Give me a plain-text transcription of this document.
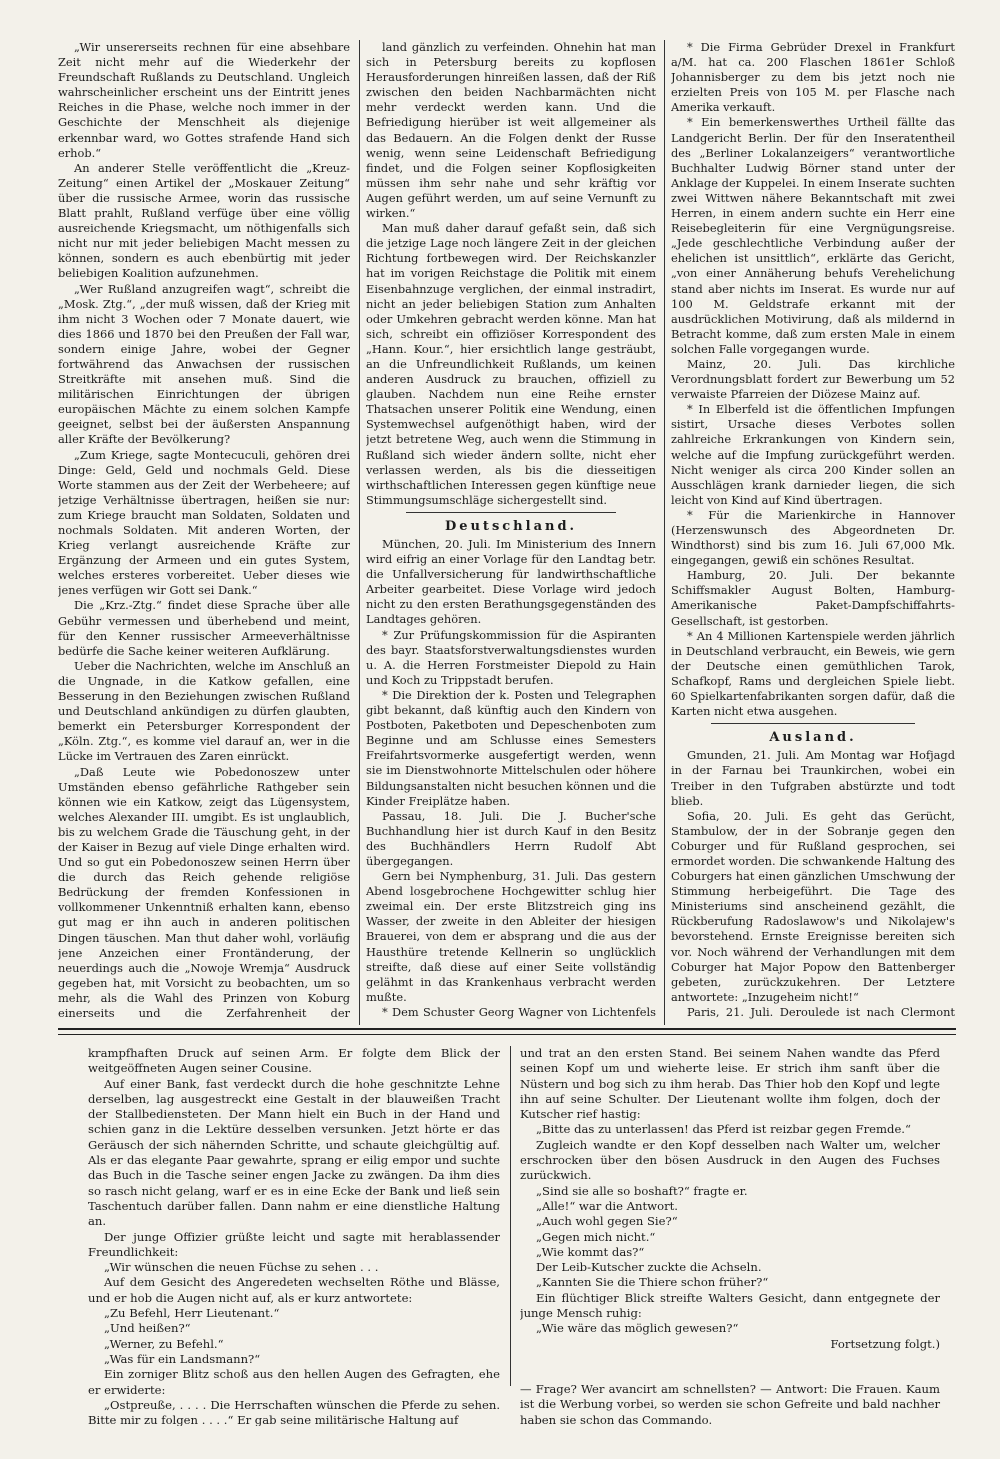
„Wir unsererseits rechnen für eine absehbare Zeit nicht mehr auf die Wiederkehr der Freundschaft Rußlands zu Deutschland. Ungleich wahrscheinlicher erscheint uns der Eintritt jenes Reiches in die Phase, welche noch immer in der Geschichte der Menschheit als diejenige erkennbar ward, wo Gottes strafende Hand sich erhob.“

An anderer Stelle veröffentlicht die „Kreuz-Zeitung“ einen Artikel der „Moskauer Zeitung“ über die russische Armee, worin das russische Blatt prahlt, Rußland verfüge über eine völlig ausreichende Kriegsmacht, um nöthigenfalls sich nicht nur mit jeder beliebigen Macht messen zu können, sondern es auch ebenbürtig mit jeder beliebigen Koalition aufzunehmen.

„Wer Rußland anzugreifen wagt“, schreibt die „Mosk. Ztg.“, „der muß wissen, daß der Krieg mit ihm nicht 3 Wochen oder 7 Monate dauert, wie dies 1866 und 1870 bei den Preußen der Fall war, sondern einige Jahre, wobei der Gegner fortwährend das Anwachsen der russischen Streitkräfte mit ansehen muß. Sind die militärischen Einrichtungen der übrigen europäischen Mächte zu einem solchen Kampfe geeignet, selbst bei der äußersten Anspannung aller Kräfte der Bevölkerung?

„Zum Kriege, sagte Montecuculi, gehören drei Dinge: Geld, Geld und nochmals Geld. Diese Worte stammen aus der Zeit der Werbeheere; auf jetzige Verhältnisse übertragen, heißen sie nur: zum Kriege braucht man Soldaten, Soldaten und nochmals Soldaten. Mit anderen Worten, der Krieg verlangt ausreichende Kräfte zur Ergänzung der Armeen und ein gutes System, welches ersteres vorbereitet. Ueber dieses wie jenes verfügen wir Gott sei Dank.“

Die „Krz.-Ztg.“ findet diese Sprache über alle Gebühr vermessen und überhebend und meint, für den Kenner russischer Armeeverhältnisse bedürfe die Sache keiner weiteren Aufklärung.

Ueber die Nachrichten, welche im Anschluß an die Ungnade, in die Katkow gefallen, eine Besserung in den Beziehungen zwischen Rußland und Deutschland ankündigen zu dürfen glaubten, bemerkt ein Petersburger Korrespondent der „Köln. Ztg.“, es komme viel darauf an, wer in die Lücke im Vertrauen des Zaren einrückt.

„Daß Leute wie Pobedonoszew unter Umständen ebenso gefährliche Rathgeber sein können wie ein Katkow, zeigt das Lügensystem, welches Alexander III. umgibt. Es ist unglaublich, bis zu welchem Grade die Täuschung geht, in der der Kaiser in Bezug auf viele Dinge erhalten wird. Und so gut ein Pobedonoszew seinen Herrn über die durch das Reich gehende religiöse Bedrückung der fremden Konfessionen in vollkommener Unkenntniß erhalten kann, ebenso gut mag er ihn auch in anderen politischen Dingen täuschen. Man thut daher wohl, vorläufig jene Anzeichen einer Frontänderung, der neuerdings auch die „Nowoje Wremja“ Ausdruck gegeben hat, mit Vorsicht zu beobachten, um so mehr, als die Wahl des Prinzen von Koburg einerseits und die Zerfahrenheit der

land gänzlich zu verfeinden. Ohnehin hat man sich in Petersburg bereits zu kopflosen Herausforderungen hinreißen lassen, daß der Riß zwischen den beiden Nachbarmächten nicht mehr verdeckt werden kann. Und die Befriedigung hierüber ist weit allgemeiner als das Bedauern. An die Folgen denkt der Russe wenig, wenn seine Leidenschaft Befriedigung findet, und die Folgen seiner Kopflosigkeiten müssen ihm sehr nahe und sehr kräftig vor Augen geführt werden, um auf seine Vernunft zu wirken.“

Man muß daher darauf gefaßt sein, daß sich die jetzige Lage noch längere Zeit in der gleichen Richtung fortbewegen wird. Der Reichskanzler hat im vorigen Reichstage die Politik mit einem Eisenbahnzuge verglichen, der einmal instradirt, nicht an jeder beliebigen Station zum Anhalten oder Umkehren gebracht werden könne. Man hat sich, schreibt ein offiziöser Korrespondent des „Hann. Kour.“, hier ersichtlich lange gesträubt, an die Unfreundlichkeit Rußlands, um keinen anderen Ausdruck zu brauchen, offiziell zu glauben. Nachdem nun eine Reihe ernster Thatsachen unserer Politik eine Wendung, einen Systemwechsel aufgenöthigt haben, wird der jetzt betretene Weg, auch wenn die Stimmung in Rußland sich wieder ändern sollte, nicht eher verlassen werden, als bis die diesseitigen wirthschaftlichen Interessen gegen künftige neue Stimmungsumschläge sichergestellt sind.

Deutschland.

München, 20. Juli. Im Ministerium des Innern wird eifrig an einer Vorlage für den Landtag betr. die Unfallversicherung für landwirthschaftliche Arbeiter gearbeitet. Diese Vorlage wird jedoch nicht zu den ersten Berathungsgegenständen des Landtages gehören.

* Zur Prüfungskommission für die Aspiranten des bayr. Staatsforstverwaltungsdienstes wurden u. A. die Herren Forstmeister Diepold zu Hain und Koch zu Trippstadt berufen.

* Die Direktion der k. Posten und Telegraphen gibt bekannt, daß künftig auch den Kindern von Postboten, Paketboten und Depeschenboten zum Beginne und am Schlusse eines Semesters Freifahrtsvormerke ausgefertigt werden, wenn sie im Dienstwohnorte Mittelschulen oder höhere Bildungsanstalten nicht besuchen können und die Kinder Freiplätze haben.

Passau, 18. Juli. Die J. Bucher'sche Buchhandlung hier ist durch Kauf in den Besitz des Buchhändlers Herrn Rudolf Abt übergegangen.

Gern bei Nymphenburg, 31. Juli. Das gestern Abend losgebrochene Hochgewitter schlug hier zweimal ein. Der erste Blitzstreich ging ins Wasser, der zweite in den Ableiter der hiesigen Brauerei, von dem er absprang und die aus der Hausthüre tretende Kellnerin so unglücklich streifte, daß diese auf einer Seite vollständig gelähmt in das Krankenhaus verbracht werden mußte.

* Dem Schuster Georg Wagner von Lichtenfels

* Die Firma Gebrüder Drexel in Frankfurt a/M. hat ca. 200 Flaschen 1861er Schloß Johannisberger zu dem bis jetzt noch nie erzielten Preis von 105 M. per Flasche nach Amerika verkauft.

* Ein bemerkenswerthes Urtheil fällte das Landgericht Berlin. Der für den Inseratentheil des „Berliner Lokalanzeigers“ verantwortliche Buchhalter Ludwig Börner stand unter der Anklage der Kuppelei. In einem Inserate suchten zwei Wittwen nähere Bekanntschaft mit zwei Herren, in einem andern suchte ein Herr eine Reisebegleiterin für eine Vergnügungsreise. „Jede geschlechtliche Verbindung außer der ehelichen ist unsittlich“, erklärte das Gericht, „von einer Annäherung behufs Verehelichung stand aber nichts im Inserat. Es wurde nur auf 100 M. Geldstrafe erkannt mit der ausdrücklichen Motivirung, daß als mildernd in Betracht komme, daß zum ersten Male in einem solchen Falle vorgegangen wurde.

Mainz, 20. Juli. Das kirchliche Verordnungsblatt fordert zur Bewerbung um 52 verwaiste Pfarreien der Diözese Mainz auf.

* In Elberfeld ist die öffentlichen Impfungen sistirt, Ursache dieses Verbotes sollen zahlreiche Erkrankungen von Kindern sein, welche auf die Impfung zurückgeführt werden. Nicht weniger als circa 200 Kinder sollen an Ausschlägen krank darnieder liegen, die sich leicht von Kind auf Kind übertragen.

* Für die Marienkirche in Hannover (Herzenswunsch des Abgeordneten Dr. Windthorst) sind bis zum 16. Juli 67,000 Mk. eingegangen, gewiß ein schönes Resultat.

Hamburg, 20. Juli. Der bekannte Schiffsmakler August Bolten, Hamburg-Amerikanische Paket-Dampfschiffahrts-Gesellschaft, ist gestorben.

* An 4 Millionen Kartenspiele werden jährlich in Deutschland verbraucht, ein Beweis, wie gern der Deutsche einen gemüthlichen Tarok, Schafkopf, Rams und dergleichen Spiele liebt. 60 Spielkartenfabrikanten sorgen dafür, daß die Karten nicht etwa ausgehen.

Ausland.

Gmunden, 21. Juli. Am Montag war Hofjagd in der Farnau bei Traunkirchen, wobei ein Treiber in den Tufgraben abstürzte und todt blieb.

Sofia, 20. Juli. Es geht das Gerücht, Stambulow, der in der Sobranje gegen den Coburger und für Rußland gesprochen, sei ermordet worden. Die schwankende Haltung des Coburgers hat einen gänzlichen Umschwung der Stimmung herbeigeführt. Die Tage des Ministeriums sind anscheinend gezählt, die Rückberufung Radoslawow's und Nikolajew's bevorstehend. Ernste Ereignisse bereiten sich vor. Noch während der Verhandlungen mit dem Coburger hat Major Popow den Battenberger gebeten, zurückzukehren. Der Letztere antwortete: „Inzugeheim nicht!“

Paris, 21. Juli. Deroulede ist nach Clermont

krampfhaften Druck auf seinen Arm. Er folgte dem Blick der weitgeöffneten Augen seiner Cousine.

Auf einer Bank, fast verdeckt durch die hohe geschnitzte Lehne derselben, lag ausgestreckt eine Gestalt in der blauweißen Tracht der Stallbedienstetеn. Der Mann hielt ein Buch in der Hand und schien ganz in die Lektüre desselben versunken. Jetzt hörte er das Geräusch der sich nähernden Schritte, und schaute gleichgültig auf. Als er das elegante Paar gewahrte, sprang er eilig empor und suchte das Buch in die Tasche seiner engen Jacke zu zwängen. Da ihm dies so rasch nicht gelang, warf er es in eine Ecke der Bank und ließ sein Taschentuch darüber fallen. Dann nahm er eine dienstliche Haltung an.

Der junge Offizier grüßte leicht und sagte mit herablassender Freundlichkeit:

„Wir wünschen die neuen Füchse zu sehen . . .

Auf dem Gesicht des Angeredeten wechselten Röthe und Blässe, und er hob die Augen nicht auf, als er kurz antwortete:

„Zu Befehl, Herr Lieutenant.“

„Und heißen?“

„Werner, zu Befehl.“

„Was für ein Landsmann?“

Ein zorniger Blitz schoß aus den hellen Augen des Gefragten, ehe er erwiderte:

„Ostpreuße, . . . . Die Herrschaften wünschen die Pferde zu sehen. Bitte mir zu folgen . . . .“ Er gab seine militärische Haltung auf

und trat an den ersten Stand. Bei seinem Nahen wandte das Pferd seinen Kopf um und wieherte leise. Er strich ihm sanft über die Nüstern und bog sich zu ihm herab. Das Thier hob den Kopf und legte ihn auf seine Schulter. Der Lieutenant wollte ihm folgen, doch der Kutscher rief hastig:

„Bitte das zu unterlassen! das Pferd ist reizbar gegen Fremde.“

Zugleich wandte er den Kopf desselben nach Walter um, welcher erschrocken über den bösen Ausdruck in den Augen des Fuchses zurückwich.

„Sind sie alle so boshaft?“ fragte er.

„Alle!“ war die Antwort.

„Auch wohl gegen Sie?“

„Gegen mich nicht.“

„Wie kommt das?“

Der Leib-Kutscher zuckte die Achseln.

„Kannten Sie die Thiere schon früher?“

Ein flüchtiger Blick streifte Walters Gesicht, dann entgegnete der junge Mensch ruhig:

„Wie wäre das möglich gewesen?“

Fortsetzung folgt.)

— Frage? Wer avancirt am schnellsten? — Antwort: Die Frauen. Kaum ist die Werbung vorbei, so werden sie schon Gefreite und bald nachher haben sie schon das Commando.
